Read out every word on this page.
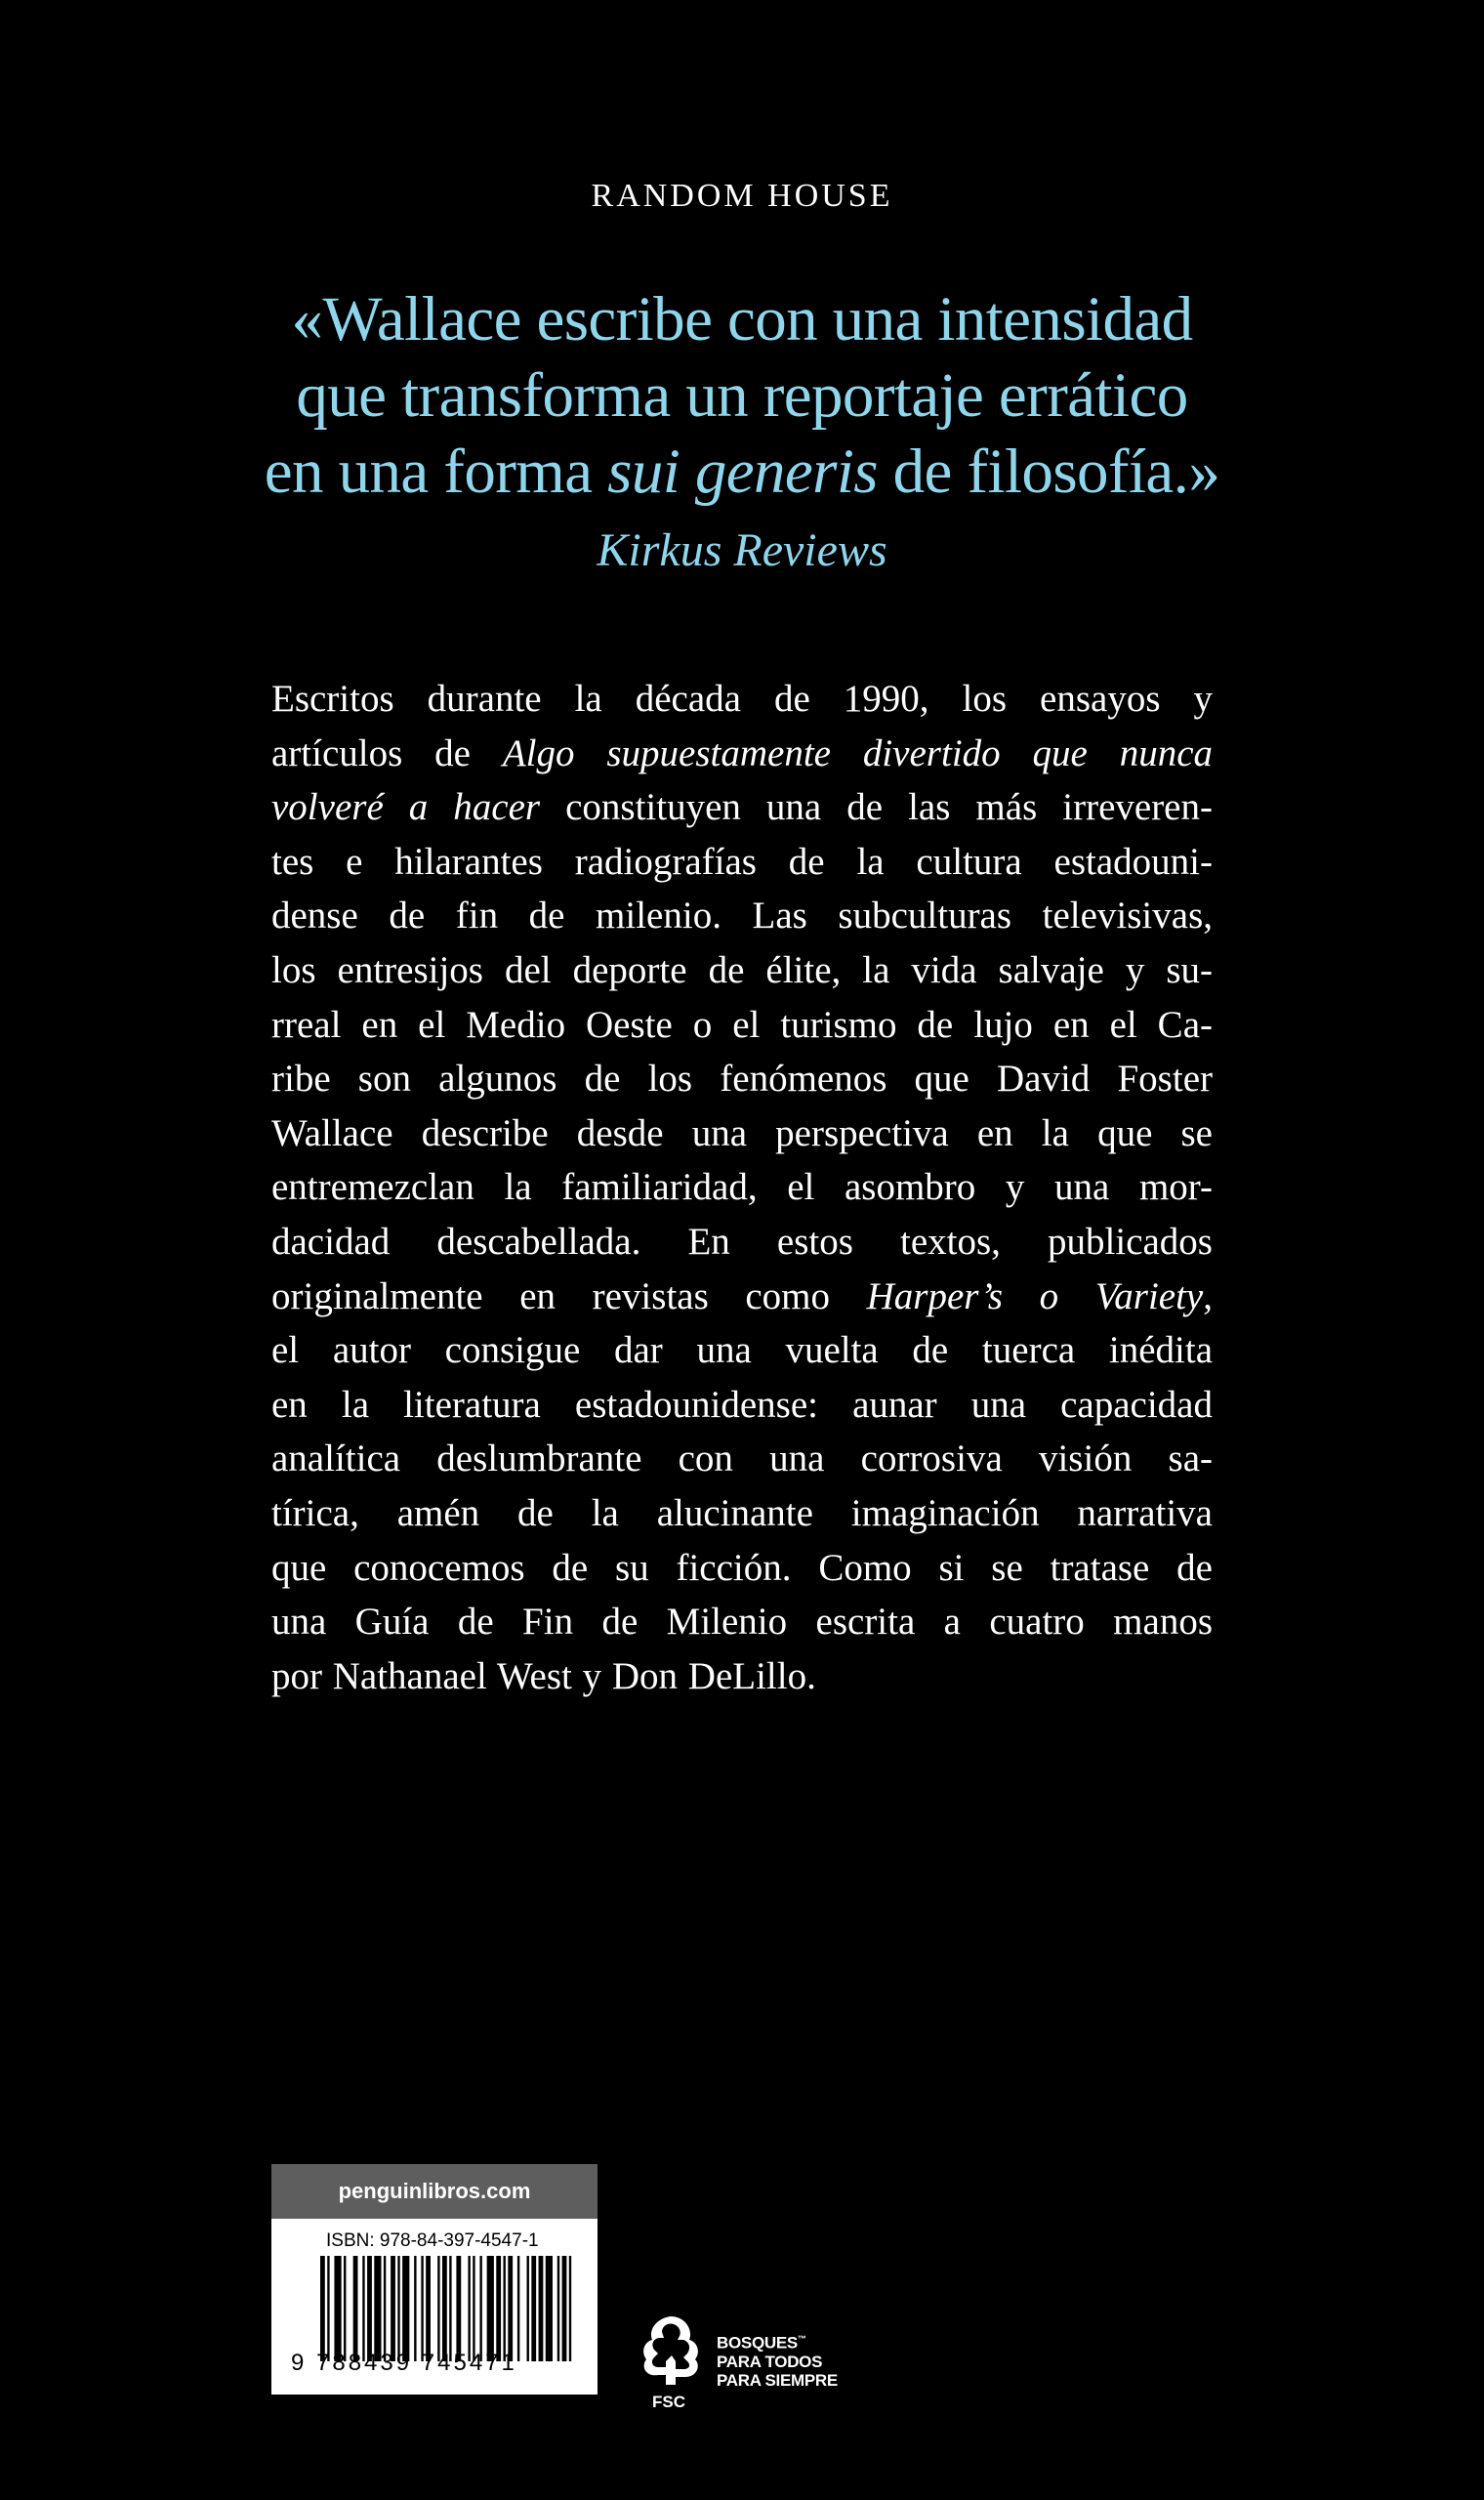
RANDOM HOUSE
«Wallace escribe con una intensidad
que transforma un reportaje errático
en una forma sui generis de filosofía.»
Kirkus Reviews
Escritos durante la década de 1990, los ensayos y
artículos de Algo supuestamente divertido que nunca
volveré a hacer constituyen una de las más irreveren-
tes e hilarantes radiografías de la cultura estadouni-
dense de fin de milenio. Las subculturas televisivas,
los entresijos del deporte de élite, la vida salvaje y su-
rreal en el Medio Oeste o el turismo de lujo en el Ca-
ribe son algunos de los fenómenos que David Foster
Wallace describe desde una perspectiva en la que se
entremezclan la familiaridad, el asombro y una mor-
dacidad descabellada. En estos textos, publicados
originalmente en revistas como Harper’s o Variety,
el autor consigue dar una vuelta de tuerca inédita
en la literatura estadounidense: aunar una capacidad
analítica deslumbrante con una corrosiva visión sa-
tírica, amén de la alucinante imaginación narrativa
que conocemos de su ficción. Como si se tratase de
una Guía de Fin de Milenio escrita a cuatro manos
por Nathanael West y Don DeLillo.
penguinlibros.com
ISBN: 978-84-397-4547-1
9 788439 745471
BOSQUES™
PARA TODOS
PARA SIEMPRE
FSC
